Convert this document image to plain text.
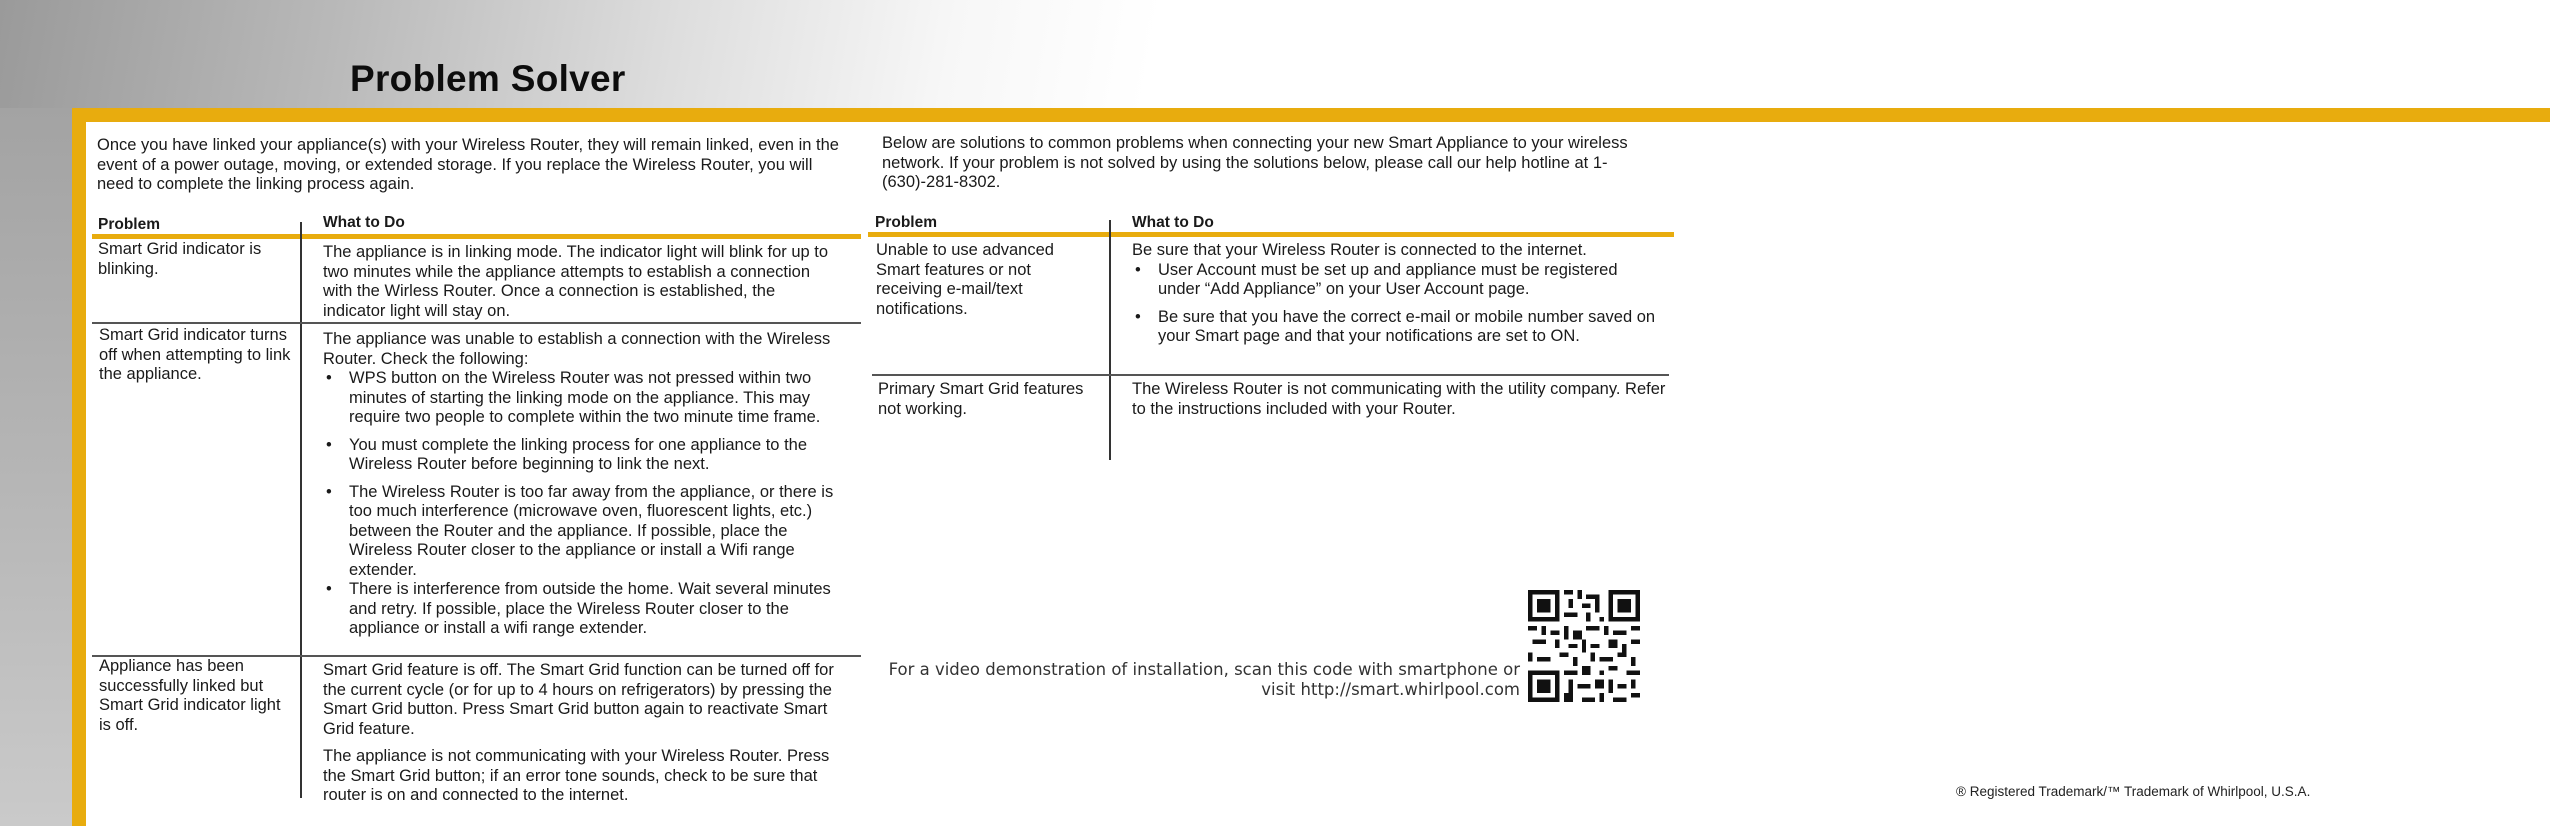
Problem Solver
Once you have linked your appliance(s) with your Wireless Router, they will remain linked, even in the event of a power outage, moving, or extended storage. If you replace the Wireless Router, you will need to complete the linking process again.
Below are solutions to common problems when connecting your new Smart Appliance to your wireless network. If your problem is not solved by using the solutions below, please call our help hotline at 1-(630)-281-8302.
Problem	What to Do
Smart Grid indicator is blinking.

The appliance is in linking mode. The indicator light will blink for up to two minutes while the appliance attempts to establish a connection with the Wirless Router. Once a connection is established, the indicator light will stay on.

Smart Grid indicator turns off when attempting to link the appliance.

The appliance was unable to establish a connection with the Wireless Router. Check the following:

• WPS button on the Wireless Router was not pressed within two minutes of starting the linking mode on the appliance. This may require two people to complete within the two minute time frame.
• You must complete the linking process for one appliance to the Wireless Router before beginning to link the next.
• The Wireless Router is too far away from the appliance, or there is too much interference (microwave oven, fluorescent lights, etc.) between the Router and the appliance. If possible, place the Wireless Router closer to the appliance or install a Wifi range extender.
• There is interference from outside the home. Wait several minutes and retry. If possible, place the Wireless Router closer to the appliance or install a wifi range extender.
Appliance has been successfully linked but Smart Grid indicator light is off.

Smart Grid feature is off. The Smart Grid function can be turned off for the current cycle (or for up to 4 hours on refrigerators) by pressing the Smart Grid button. Press Smart Grid button again to reactivate Smart Grid feature.

The appliance is not communicating with your Wireless Router. Press the Smart Grid button; if an error tone sounds, check to be sure that router is on and connected to the internet.

Problem	What to Do
Unable to use advanced Smart features or not receiving e-mail/text notifications.

Be sure that your Wireless Router is connected to the internet.

• User Account must be set up and appliance must be registered under “Add Appliance” on your User Account page.
• Be sure that you have the correct e-mail or mobile number saved on your Smart page and that your notifications are set to ON.
Primary Smart Grid features not working.

The Wireless Router is not communicating with the utility company. Refer to the instructions included with your Router.

For a video demonstration of installation, scan this code with smartphone or
visit http://smart.whirlpool.com
® Registered Trademark/™ Trademark of Whirlpool, U.S.A.
